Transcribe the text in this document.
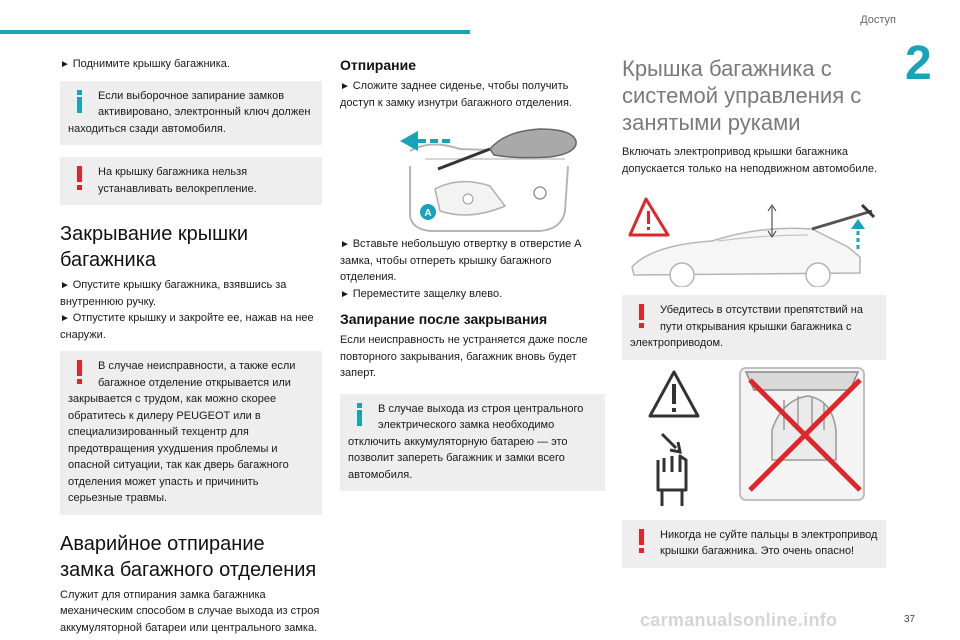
Доступ
2

► Поднимите крышку багажника.

Если выборочное запирание замков активировано, электронный ключ должен находиться сзади автомобиля.

На крышку багажника нельзя устанавливать велокрепление.

Закрывание крышки багажника

► Опустите крышку багажника, взявшись за внутреннюю ручку.

► Отпустите крышку и закройте ее, нажав на нее снаружи.

В случае неисправности, а также если багажное отделение открывается или закрывается с трудом, как можно скорее обратитесь к дилеру PEUGEOT или в специализированный техцентр для предотвращения ухудшения проблемы и опасной ситуации, так как дверь багажного отделения может упасть и причинить серьезные травмы.

Аварийное отпирание замка багажного отделения

Служит для отпирания замка багажника механическим способом в случае выхода из строя аккумуляторной батареи или центрального замка.

Отпирание

► Сложите заднее сиденье, чтобы получить доступ к замку изнутри багажного отделения.

A

► Вставьте небольшую отвертку в отверстие A замка, чтобы отпереть крышку багажного отделения.

► Переместите защелку влево.

Запирание после закрывания

Если неисправность не устраняется даже после повторного закрывания, багажник вновь будет заперт.

В случае выхода из строя центрального электрического замка необходимо отключить аккумуляторную батарею — это позволит запереть багажник и замки всего автомобиля.

Крышка багажника с системой управления с занятыми руками

Включать электропривод крышки багажника допускается только на неподвижном автомобиле.

Убедитесь в отсутствии препятствий на пути открывания крышки багажника с электроприводом.

Никогда не суйте пальцы в электропривод крышки багажника. Это очень опасно!

carmanualsonline.info	37
